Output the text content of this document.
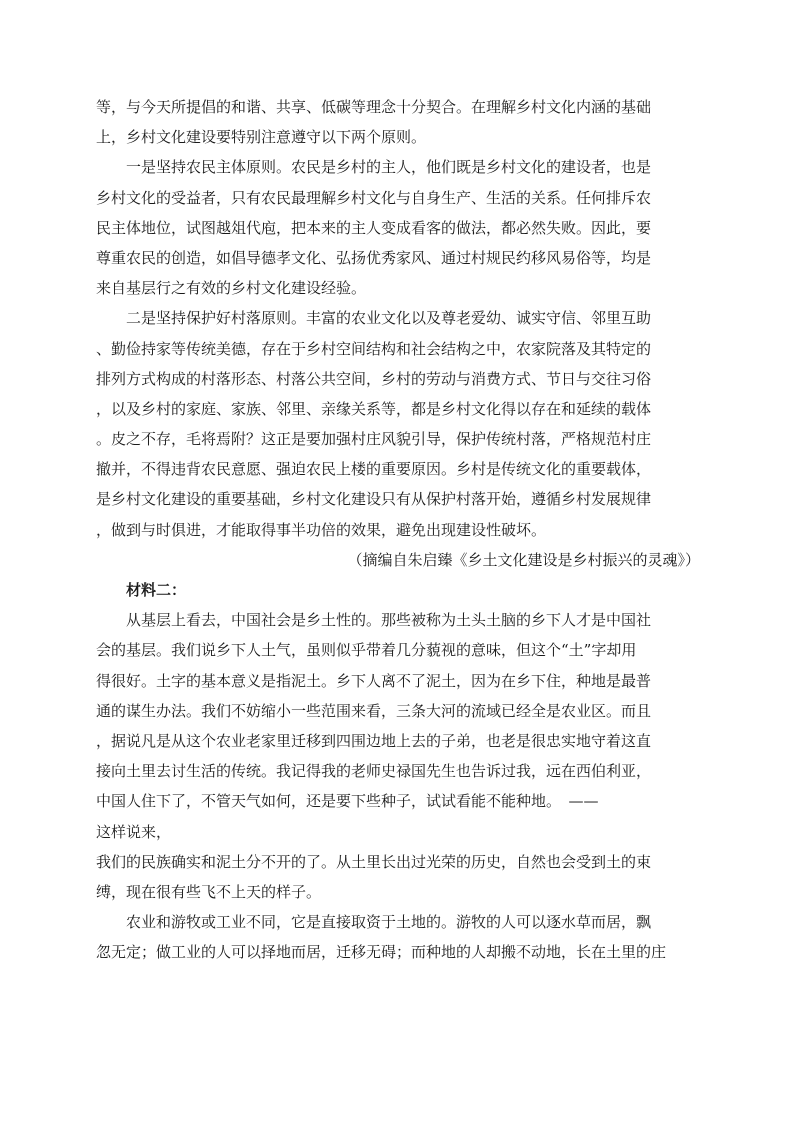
等，与今天所提倡的和谐、共享、低碳等理念十分契合。在理解乡村文化内涵的基础
上，乡村文化建设要特别注意遵守以下两个原则。
　　一是坚持农民主体原则。农民是乡村的主人，他们既是乡村文化的建设者，也是
乡村文化的受益者，只有农民最理解乡村文化与自身生产、生活的关系。任何排斥农
民主体地位，试图越俎代庖，把本来的主人变成看客的做法，都必然失败。因此，要
尊重农民的创造，如倡导德孝文化、弘扬优秀家风、通过村规民约移风易俗等，均是
来自基层行之有效的乡村文化建设经验。
　　二是坚持保护好村落原则。丰富的农业文化以及尊老爱幼、诚实守信、邻里互助
、勤俭持家等传统美德，存在于乡村空间结构和社会结构之中，农家院落及其特定的
排列方式构成的村落形态、村落公共空间，乡村的劳动与消费方式、节日与交往习俗
，以及乡村的家庭、家族、邻里、亲缘关系等，都是乡村文化得以存在和延续的载体
。皮之不存，毛将焉附？这正是要加强村庄风貌引导，保护传统村落，严格规范村庄
撤并，不得违背农民意愿、强迫农民上楼的重要原因。乡村是传统文化的重要载体，
是乡村文化建设的重要基础，乡村文化建设只有从保护村落开始，遵循乡村发展规律
，做到与时俱进，才能取得事半功倍的效果，避免出现建设性破坏。
（摘编自朱启臻《乡土文化建设是乡村振兴的灵魂》）
　　材料二：
　　从基层上看去，中国社会是乡土性的。那些被称为土头土脑的乡下人才是中国社
会的基层。我们说乡下人土气，虽则似乎带着几分藐视的意味，但这个“土”字却用
得很好。土字的基本意义是指泥土。乡下人离不了泥土，因为在乡下住，种地是最普
通的谋生办法。我们不妨缩小一些范围来看，三条大河的流域已经全是农业区。而且
，据说凡是从这个农业老家里迁移到四围边地上去的子弟，也老是很忠实地守着这直
接向土里去讨生活的传统。我记得我的老师史禄国先生也告诉过我，远在西伯利亚，
中国人住下了，不管天气如何，还是要下些种子，试试看能不能种地。　——
这样说来，
我们的民族确实和泥土分不开的了。从土里长出过光荣的历史，自然也会受到土的束
缚，现在很有些飞不上天的样子。
　　农业和游牧或工业不同，它是直接取资于土地的。游牧的人可以逐水草而居，飘
忽无定；做工业的人可以择地而居，迁移无碍；而种地的人却搬不动地，长在土里的庄
